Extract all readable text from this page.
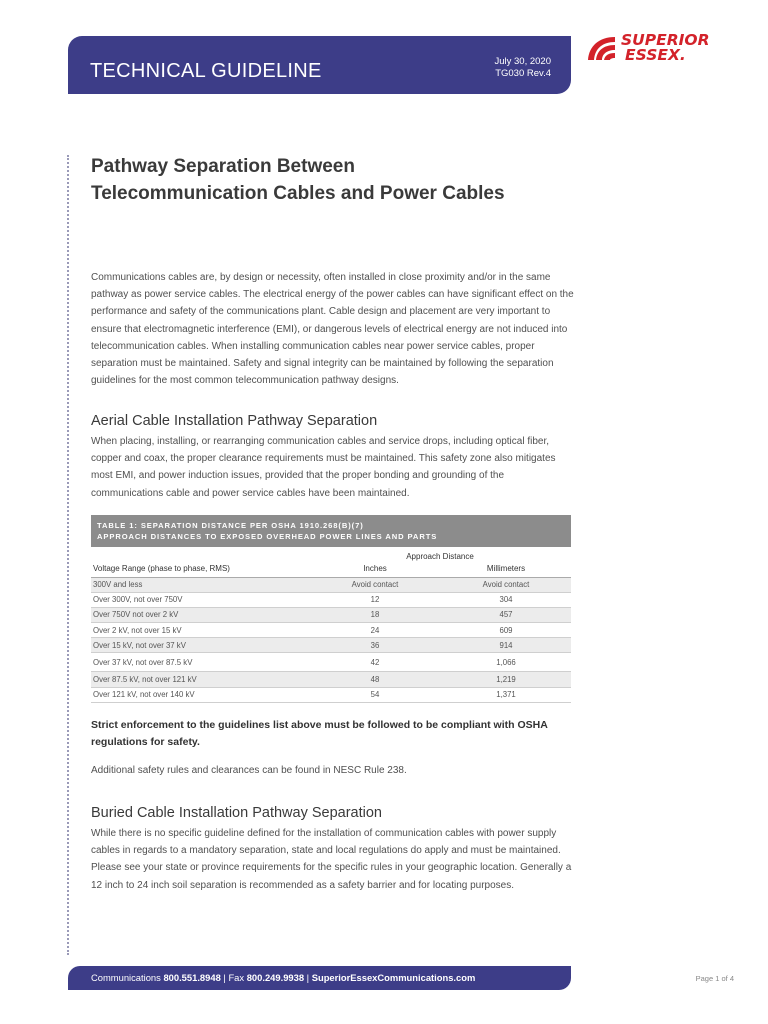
TECHNICAL GUIDELINE	July 30, 2020
TG030 Rev.4
SUPERIOR
ESSEX.
Pathway Separation Between
Telecommunication Cables and Power Cables
Communications cables are, by design or necessity, often installed in close proximity and/or in the same pathway as power service cables. The electrical energy of the power cables can have significant effect on the performance and safety of the communications plant. Cable design and placement are very important to ensure that electromagnetic interference (EMI), or dangerous levels of electrical energy are not induced into telecommunication cables. When installing communication cables near power service cables, proper separation must be maintained. Safety and signal integrity can be maintained by following the separation guidelines for the most common telecommunication pathway designs.
Aerial Cable Installation Pathway Separation
When placing, installing, or rearranging communication cables and service drops, including optical fiber, copper and coax, the proper clearance requirements must be maintained. This safety zone also mitigates most EMI, and power induction issues, provided that the proper bonding and grounding of the communications cable and power service cables have been maintained.
TABLE 1: SEPARATION DISTANCE PER OSHA 1910.268(B)(7)
APPROACH DISTANCES TO EXPOSED OVERHEAD POWER LINES AND PARTS
	Approach Distance	
Voltage Range (phase to phase, RMS)	Inches	Millimeters
300V and less	Avoid contact	Avoid contact
Over 300V, not over 750V	12	304
Over 750V not over 2 kV	18	457
Over 2 kV, not over 15 kV	24	609
Over 15 kV, not over 37 kV	36	914
Over 37 kV, not over 87.5 kV	42	1,066
Over 87.5 kV, not over 121 kV	48	1,219
Over 121 kV, not over 140 kV	54	1,371
Strict enforcement to the guidelines list above must be followed to be compliant with OSHA regulations for safety.
Additional safety rules and clearances can be found in NESC Rule 238.
Buried Cable Installation Pathway Separation
While there is no specific guideline defined for the installation of communication cables with power supply cables in regards to a mandatory separation, state and local regulations do apply and must be maintained. Please see your state or province requirements for the specific rules in your geographic location. Generally a 12 inch to 24 inch soil separation is recommended as a safety barrier and for locating purposes.
Communications 800.551.8948 | Fax 800.249.9938 | SuperiorEssexCommunications.com	Page 1 of 4
